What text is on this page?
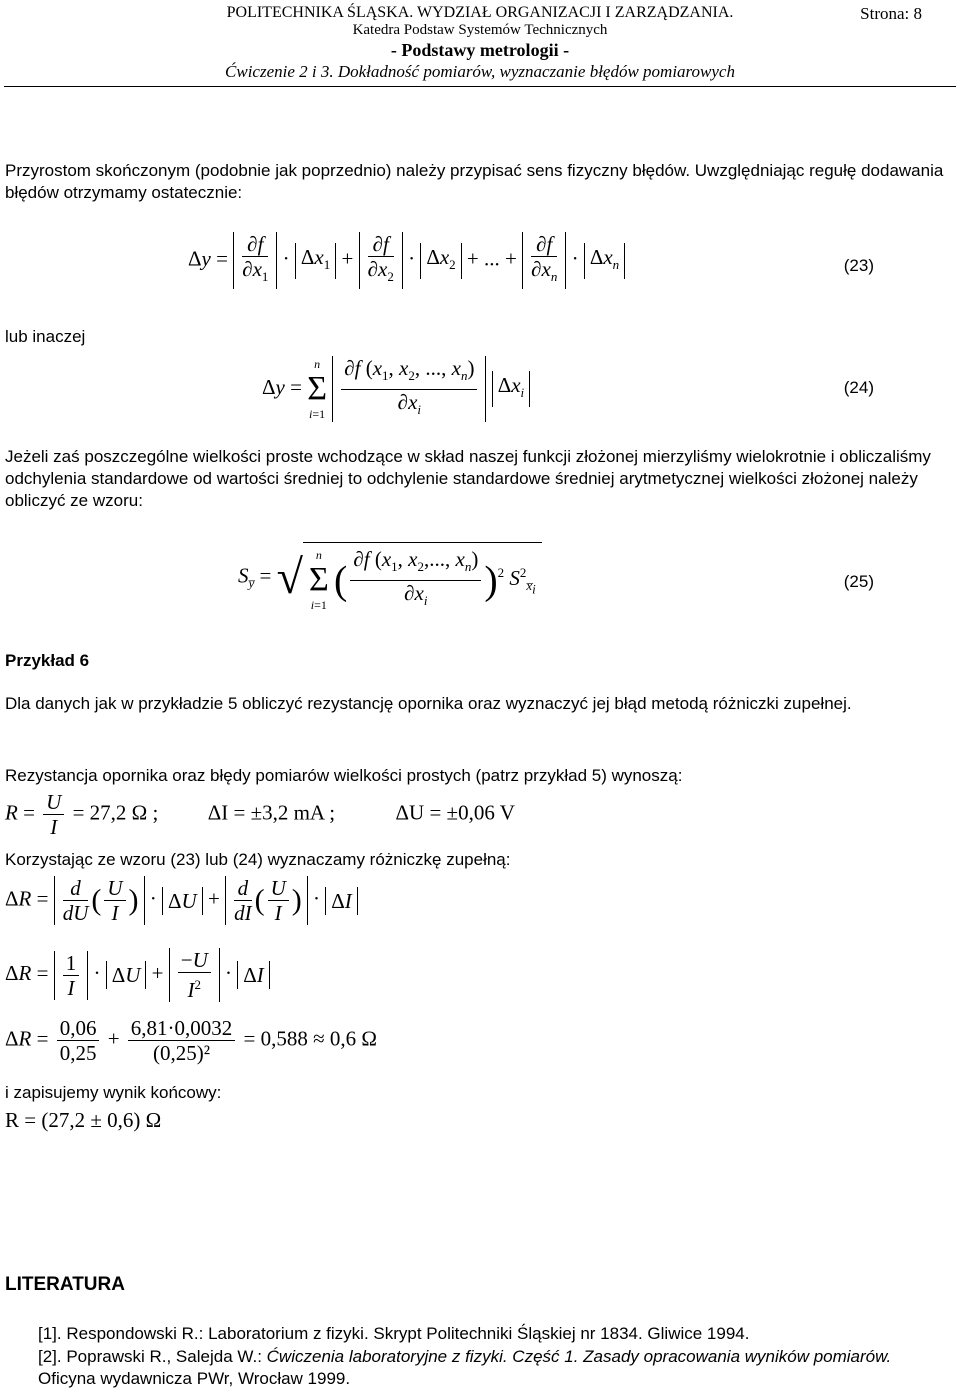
POLITECHNIKA ŚLĄSKA. WYDZIAŁ ORGANIZACJI I ZARZĄDZANIA.
Katedra Podstaw Systemów Technicznych
- Podstawy metrologii -
Ćwiczenie 2 i 3. Dokładność pomiarów, wyznaczanie błędów pomiarowych
Strona: 8

Przyrostom skończonym (podobnie jak poprzednio) należy przypisać sens fizyczny błędów. Uwzględniając regułę dodawania błędów otrzymamy ostatecznie:

$\Delta y = \frac{\partial f}{\partial x_1} \cdot \Delta x_1 + \frac{\partial f}{\partial x_2} \cdot \Delta x_2$ + ... + $\frac{\partial f}{\partial x_n} \cdot \Delta x_n$	(23)

lub inaczej

Δy =
n
Σ
i=1
$\frac{\partial f (x_1, x_2, ..., x_n)}{\partial x_i} \Delta x_i$	(24)

Jeżeli zaś poszczególne wielkości proste wchodzące w skład naszej funkcji złożonej mierzyliśmy wielokrotnie i obliczaliśmy odchylenia standardowe od wartości średniej to odchylenie standardowe średniej arytmetycznej wielkości złożonej należy obliczyć ze wzoru:

$S_{y̅}$ = √	n
Σ
i=1
( $\frac{\partial f (x_1, x_2,..., x_n)}{\partial x_i} )^2$ $S^2_{x̅_i}$	(25)

Przykład 6

Dla danych jak w przykładzie 5 obliczyć rezystancję opornika oraz wyznaczyć jej błąd metodą różniczki zupełnej.

Rezystancja opornika oraz błędy pomiarów wielkości prostych (patrz przykład 5) wynoszą:

$R = \frac{U}{I} = 27,2$ Ω ; ΔI = ±3,2 mA ;	ΔU = ±0,06 V

Korzystając ze wzoru (23) lub (24) wyznaczamy różniczkę zupełną:

$\Delta R = \frac{d}{dU}$ ( $\frac{U}{I}$ ) · $\Delta U + \frac{d}{dI}$ ( $\frac{U}{I}$ ) · ΔI
$\Delta R = \frac{1}{I} \cdot \Delta U + \frac{-U}{I^2} \cdot \Delta I$
$\Delta R = \frac{0,06}{0,25} + \frac{6,81\cdot 0,0032}{\text{(0,25)²}} = 0,588 \approx 0,6$ Ω

i zapisujemy wynik końcowy:

R = (27,2 ± 0,6) Ω

LITERATURA

[1]. Respondowski R.: Laboratorium z fizyki. Skrypt Politechniki Śląskiej nr 1834. Gliwice 1994.

[2]. Poprawski R., Salejda W.: Ćwiczenia laboratoryjne z fizyki. Część 1. Zasady opracowania wyników pomiarów. Oficyna wydawnicza PWr, Wrocław 1999.
